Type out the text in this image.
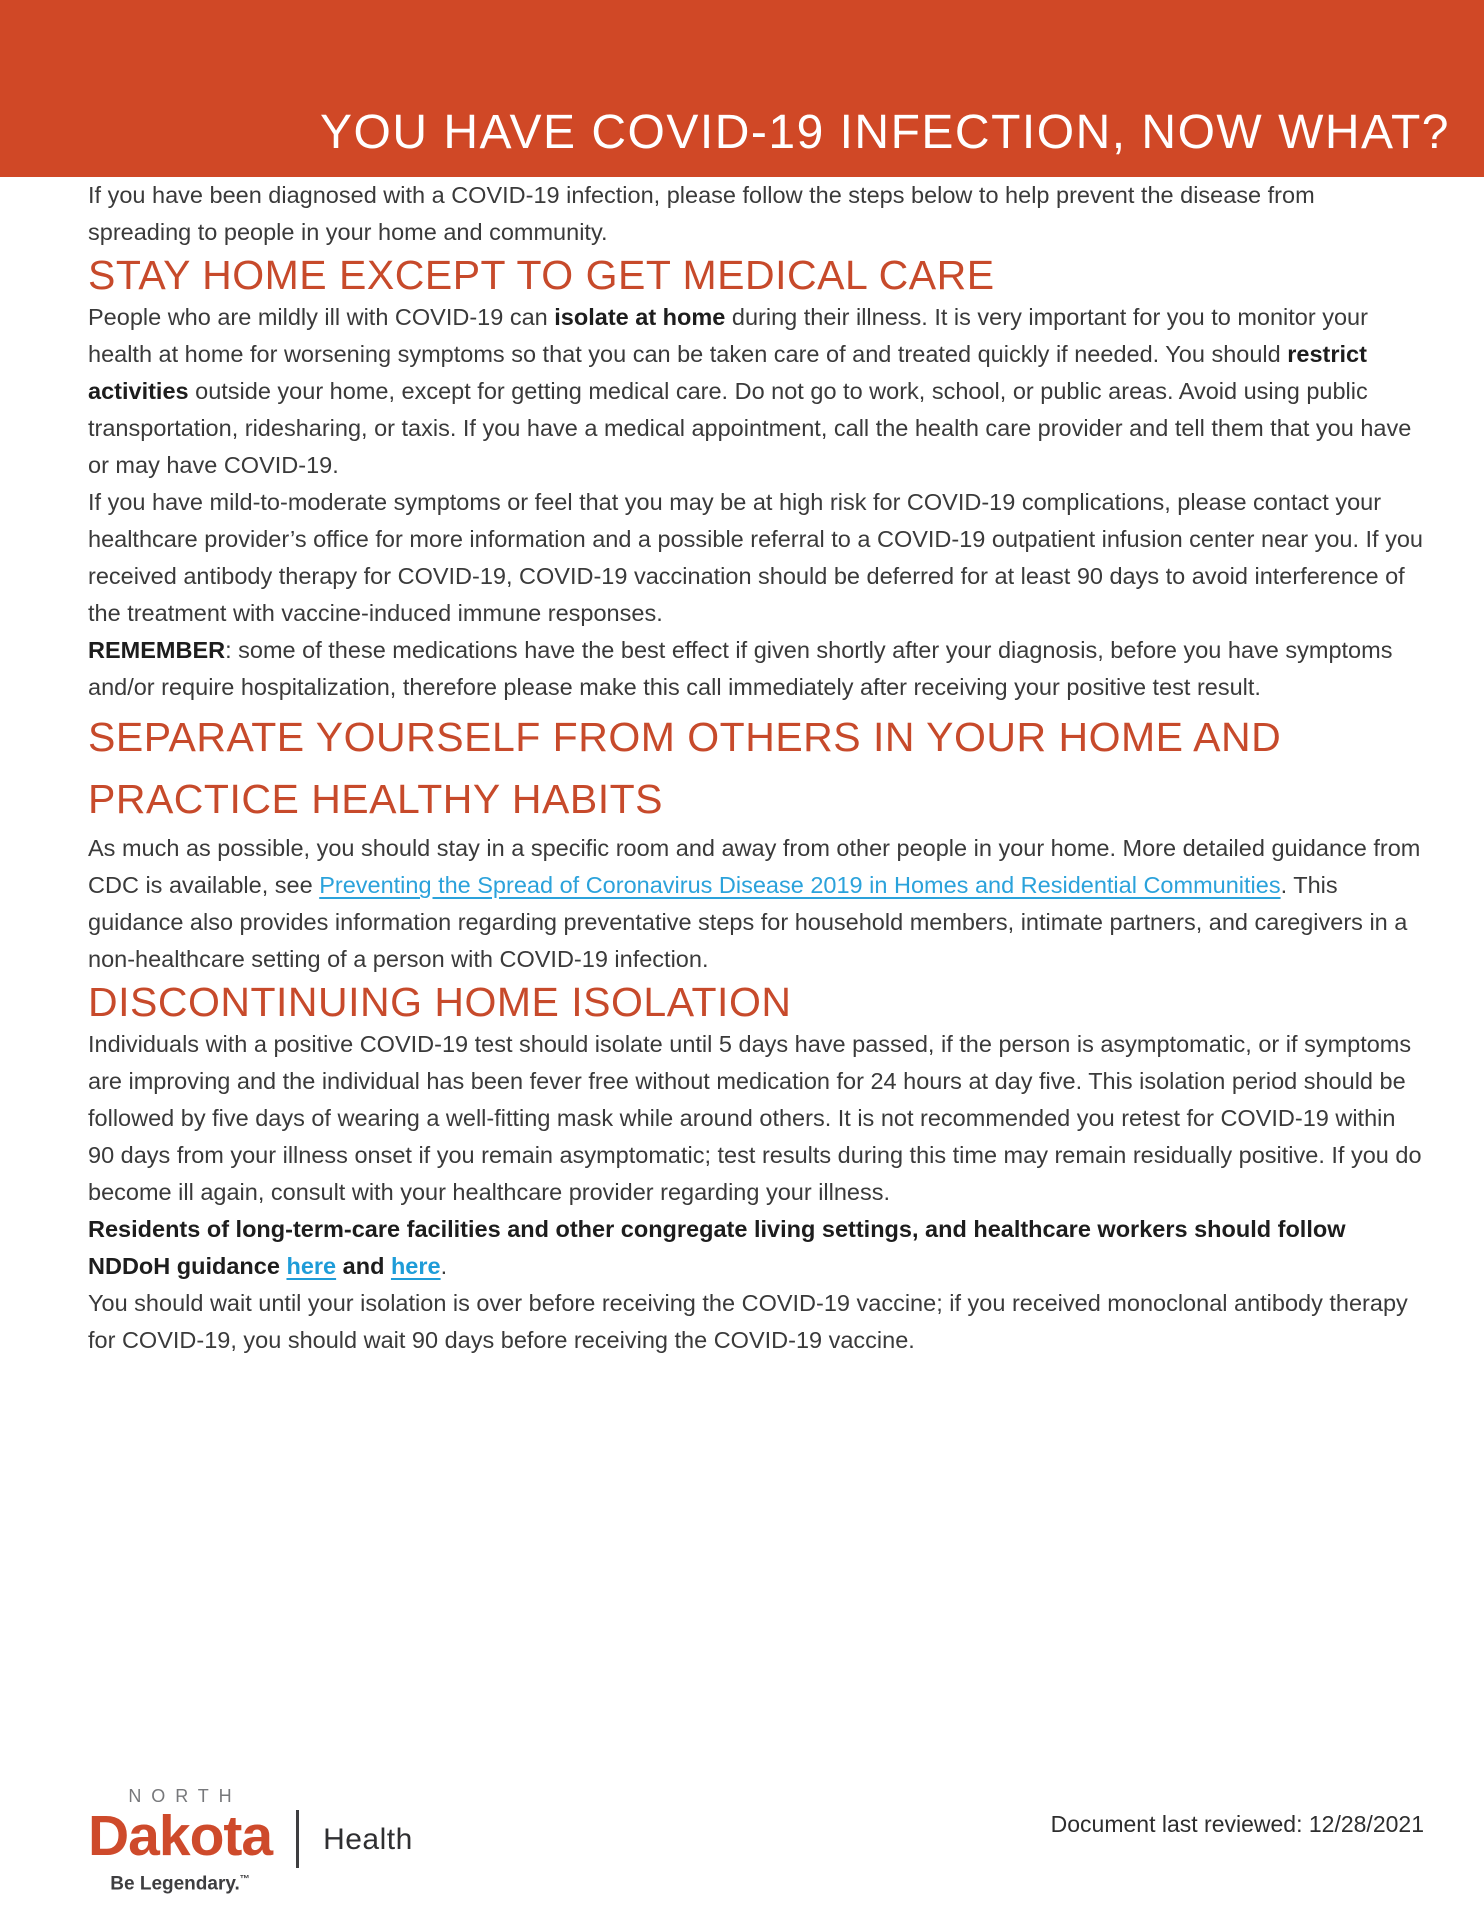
YOU HAVE COVID-19 INFECTION, NOW WHAT?

If you have been diagnosed with a COVID-19 infection, please follow the steps below to help prevent the disease from spreading to people in your home and community.

STAY HOME EXCEPT TO GET MEDICAL CARE

People who are mildly ill with COVID-19 can isolate at home during their illness. It is very important for you to monitor your health at home for worsening symptoms so that you can be taken care of and treated quickly if needed. You should restrict activities outside your home, except for getting medical care. Do not go to work, school, or public areas. Avoid using public transportation, ridesharing, or taxis. If you have a medical appointment, call the health care provider and tell them that you have or may have COVID-19.

If you have mild-to-moderate symptoms or feel that you may be at high risk for COVID-19 complications, please contact your healthcare provider’s office for more information and a possible referral to a COVID-19 outpatient infusion center near you. If you received antibody therapy for COVID-19, COVID-19 vaccination should be deferred for at least 90 days to avoid interference of the treatment with vaccine-induced immune responses.

REMEMBER: some of these medications have the best effect if given shortly after your diagnosis, before you have symptoms and/or require hospitalization, therefore please make this call immediately after receiving your positive test result.

SEPARATE YOURSELF FROM OTHERS IN YOUR HOME AND
PRACTICE HEALTHY HABITS

As much as possible, you should stay in a specific room and away from other people in your home. More detailed guidance from CDC is available, see Preventing the Spread of Coronavirus Disease 2019 in Homes and Residential Communities. This guidance also provides information regarding preventative steps for household members, intimate partners, and caregivers in a non-healthcare setting of a person with COVID-19 infection.

DISCONTINUING HOME ISOLATION

Individuals with a positive COVID-19 test should isolate until 5 days have passed, if the person is asymptomatic, or if symptoms are improving and the individual has been fever free without medication for 24 hours at day five. This isolation period should be followed by five days of wearing a well-fitting mask while around others. It is not recommended you retest for COVID-19 within 90 days from your illness onset if you remain asymptomatic; test results during this time may remain residually positive. If you do become ill again, consult with your healthcare provider regarding your illness.

Residents of long-term-care facilities and other congregate living settings, and healthcare workers should follow NDDoH guidance here and here.

You should wait until your isolation is over before receiving the COVID-19 vaccine; if you received monoclonal antibody therapy for COVID-19, you should wait 90 days before receiving the COVID-19 vaccine.

NORTH
Dakota
Be Legendary.™
Health	Document last reviewed: 12/28/2021
